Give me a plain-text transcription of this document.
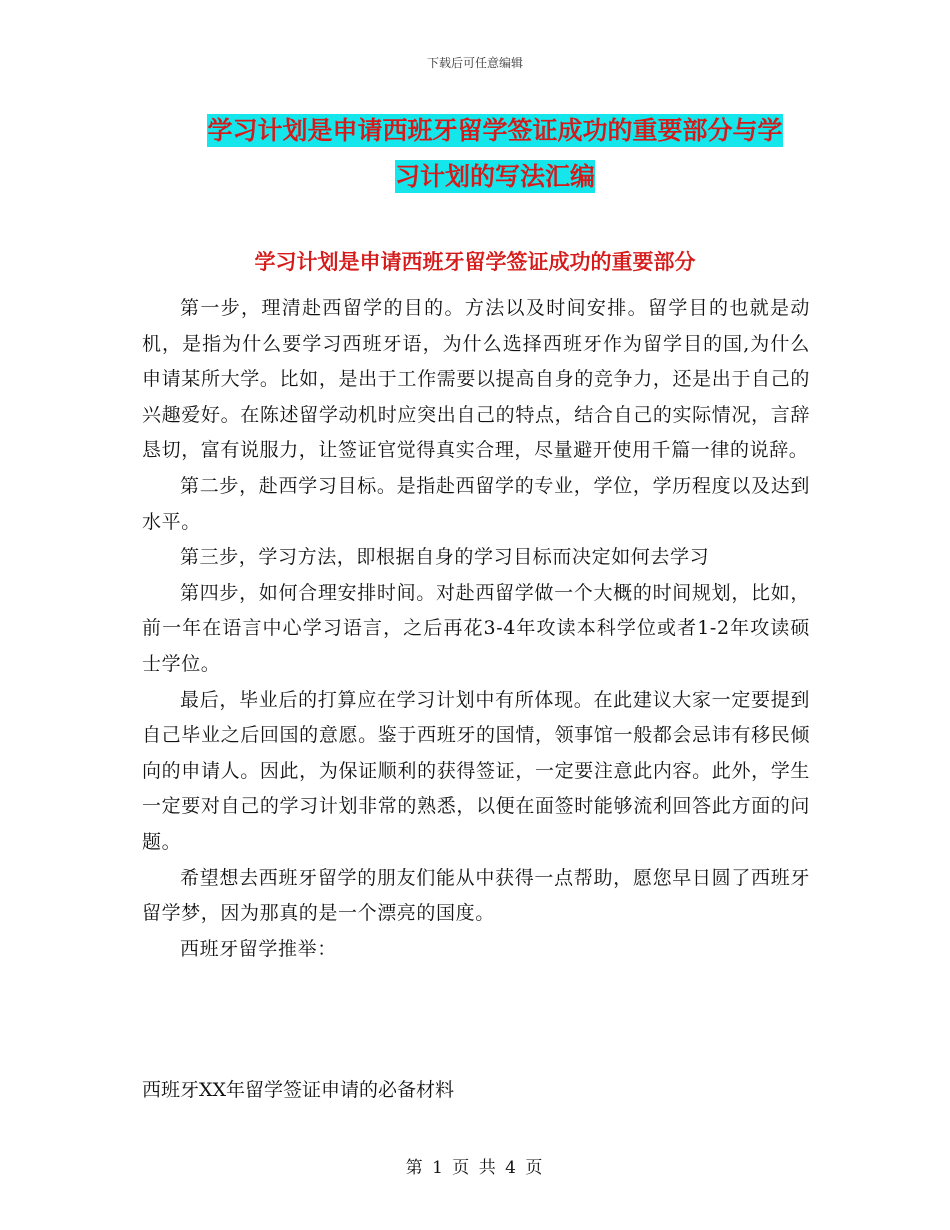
下载后可任意编辑
学习计划是申请西班牙留学签证成功的重要部分与学
习计划的写法汇编
学习计划是申请西班牙留学签证成功的重要部分

第一步，理清赴西留学的目的。方法以及时间安排。留学目的也就是动机，是指为什么要学习西班牙语，为什么选择西班牙作为留学目的国,为什么申请某所大学。比如，是出于工作需要以提高自身的竞争力，还是出于自己的兴趣爱好。在陈述留学动机时应突出自己的特点，结合自己的实际情况，言辞恳切，富有说服力，让签证官觉得真实合理，尽量避开使用千篇一律的说辞。

第二步，赴西学习目标。是指赴西留学的专业，学位，学历程度以及达到水平。

第三步，学习方法，即根据自身的学习目标而决定如何去学习

第四步，如何合理安排时间。对赴西留学做一个大概的时间规划，比如，前一年在语言中心学习语言，之后再花3-4年攻读本科学位或者1-2年攻读硕士学位。

最后，毕业后的打算应在学习计划中有所体现。在此建议大家一定要提到自己毕业之后回国的意愿。鉴于西班牙的国情，领事馆一般都会忌讳有移民倾向的申请人。因此，为保证顺利的获得签证，一定要注意此内容。此外，学生一定要对自己的学习计划非常的熟悉，以便在面签时能够流利回答此方面的问题。

希望想去西班牙留学的朋友们能从中获得一点帮助，愿您早日圆了西班牙留学梦，因为那真的是一个漂亮的国度。

西班牙留学推举：

西班牙XX年留学签证申请的必备材料
第 1 页 共 4 页
